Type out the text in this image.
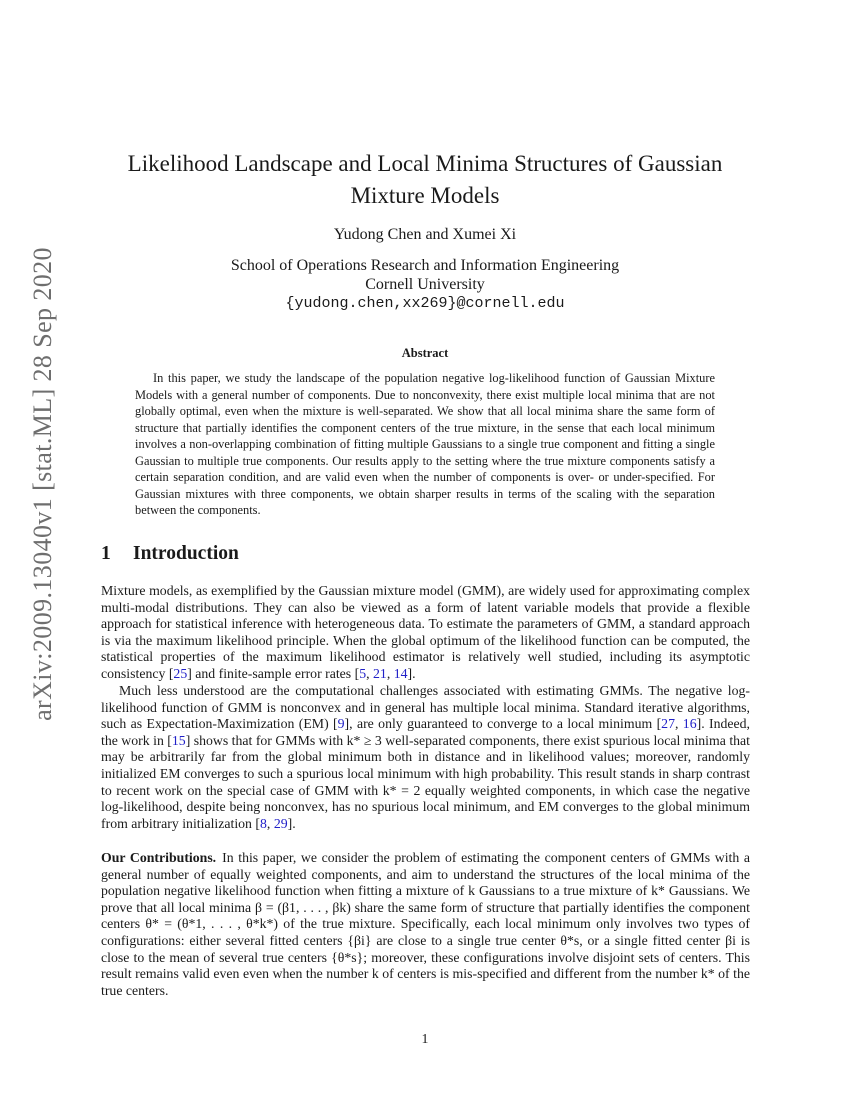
arXiv:2009.13040v1 [stat.ML] 28 Sep 2020
Likelihood Landscape and Local Minima Structures of Gaussian
Mixture Models
Yudong Chen and Xumei Xi
School of Operations Research and Information Engineering
Cornell University
{yudong.chen,xx269}@cornell.edu
Abstract
In this paper, we study the landscape of the population negative log-likelihood function of Gaussian Mixture Models with a general number of components. Due to nonconvexity, there exist multiple local minima that are not globally optimal, even when the mixture is well-separated. We show that all local minima share the same form of structure that partially identifies the component centers of the true mixture, in the sense that each local minimum involves a non-overlapping combination of fitting multiple Gaussians to a single true component and fitting a single Gaussian to multiple true components. Our results apply to the setting where the true mixture components satisfy a certain separation condition, and are valid even when the number of components is over- or under-specified. For Gaussian mixtures with three components, we obtain sharper results in terms of the scaling with the separation between the components.
1 Introduction
Mixture models, as exemplified by the Gaussian mixture model (GMM), are widely used for approximating complex multi-modal distributions. They can also be viewed as a form of latent variable models that provide a flexible approach for statistical inference with heterogeneous data. To estimate the parameters of GMM, a standard approach is via the maximum likelihood principle. When the global optimum of the likelihood function can be computed, the statistical properties of the maximum likelihood estimator is relatively well studied, including its asymptotic consistency [25] and finite-sample error rates [5, 21, 14].
Much less understood are the computational challenges associated with estimating GMMs. The negative log-likelihood function of GMM is nonconvex and in general has multiple local minima. Standard iterative algorithms, such as Expectation-Maximization (EM) [9], are only guaranteed to converge to a local minimum [27, 16]. Indeed, the work in [15] shows that for GMMs with k* ≥ 3 well-separated components, there exist spurious local minima that may be arbitrarily far from the global minimum both in distance and in likelihood values; moreover, randomly initialized EM converges to such a spurious local minimum with high probability. This result stands in sharp contrast to recent work on the special case of GMM with k* = 2 equally weighted components, in which case the negative log-likelihood, despite being nonconvex, has no spurious local minimum, and EM converges to the global minimum from arbitrary initialization [8, 29].
Our Contributions. In this paper, we consider the problem of estimating the component centers of GMMs with a general number of equally weighted components, and aim to understand the structures of the local minima of the population negative likelihood function when fitting a mixture of k Gaussians to a true mixture of k* Gaussians. We prove that all local minima β = (β1, . . . , βk) share the same form of structure that partially identifies the component centers θ* = (θ*1, . . . , θ*k*) of the true mixture. Specifically, each local minimum only involves two types of configurations: either several fitted centers {βi} are close to a single true center θ*s, or a single fitted center βi is close to the mean of several true centers {θ*s}; moreover, these configurations involve disjoint sets of centers. This result remains valid even even when the number k of centers is mis-specified and different from the number k* of the true centers.
1
